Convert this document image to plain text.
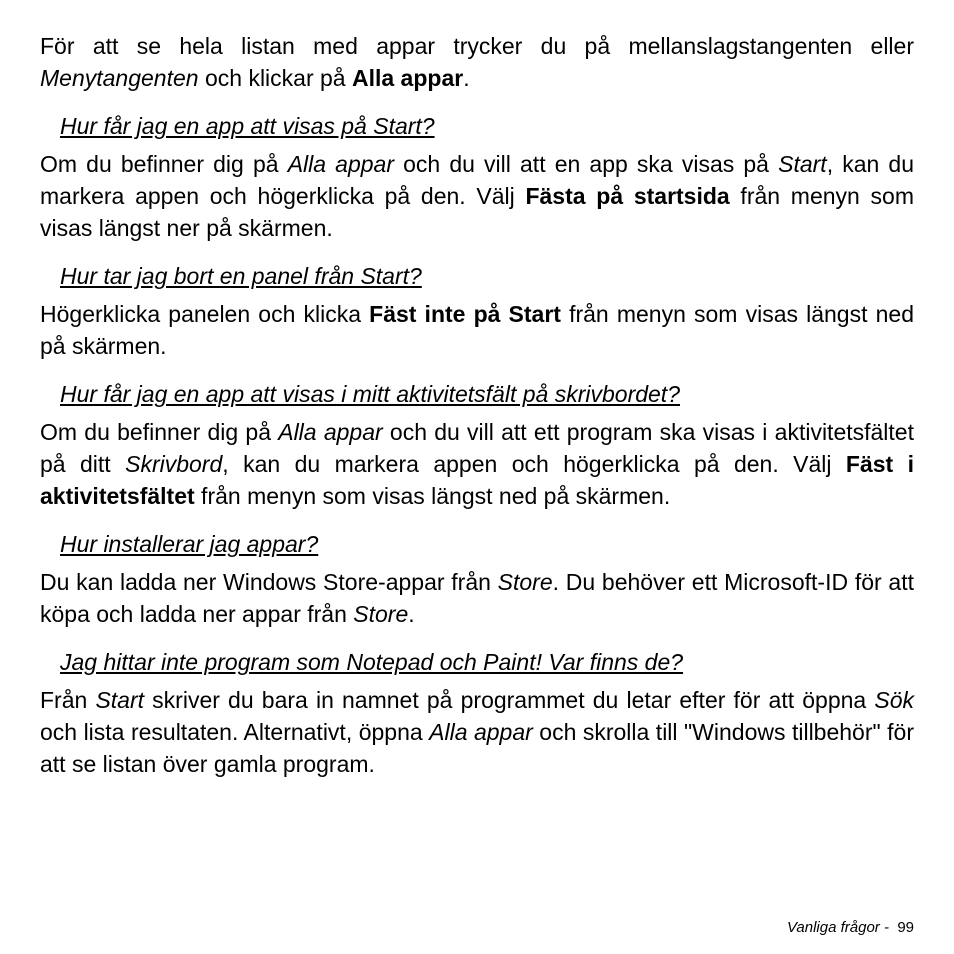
För att se hela listan med appar trycker du på mellanslagstangenten eller Menytangenten och klickar på Alla appar.

Hur får jag en app att visas på Start?

Om du befinner dig på Alla appar och du vill att en app ska visas på Start, kan du markera appen och högerklicka på den. Välj Fästa på startsida från menyn som visas längst ner på skärmen.

Hur tar jag bort en panel från Start?

Högerklicka panelen och klicka Fäst inte på Start från menyn som visas längst ned på skärmen.

Hur får jag en app att visas i mitt aktivitetsfält på skrivbordet?

Om du befinner dig på Alla appar och du vill att ett program ska visas i aktivitetsfältet på ditt Skrivbord, kan du markera appen och högerklicka på den. Välj Fäst i aktivitetsfältet från menyn som visas längst ned på skärmen.

Hur installerar jag appar?

Du kan ladda ner Windows Store-appar från Store. Du behöver ett Microsoft-ID för att köpa och ladda ner appar från Store.

Jag hittar inte program som Notepad och Paint! Var finns de?

Från Start skriver du bara in namnet på programmet du letar efter för att öppna Sök och lista resultaten. Alternativt, öppna Alla appar och skrolla till "Windows tillbehör" för att se listan över gamla program.

Vanliga frågor - 99
